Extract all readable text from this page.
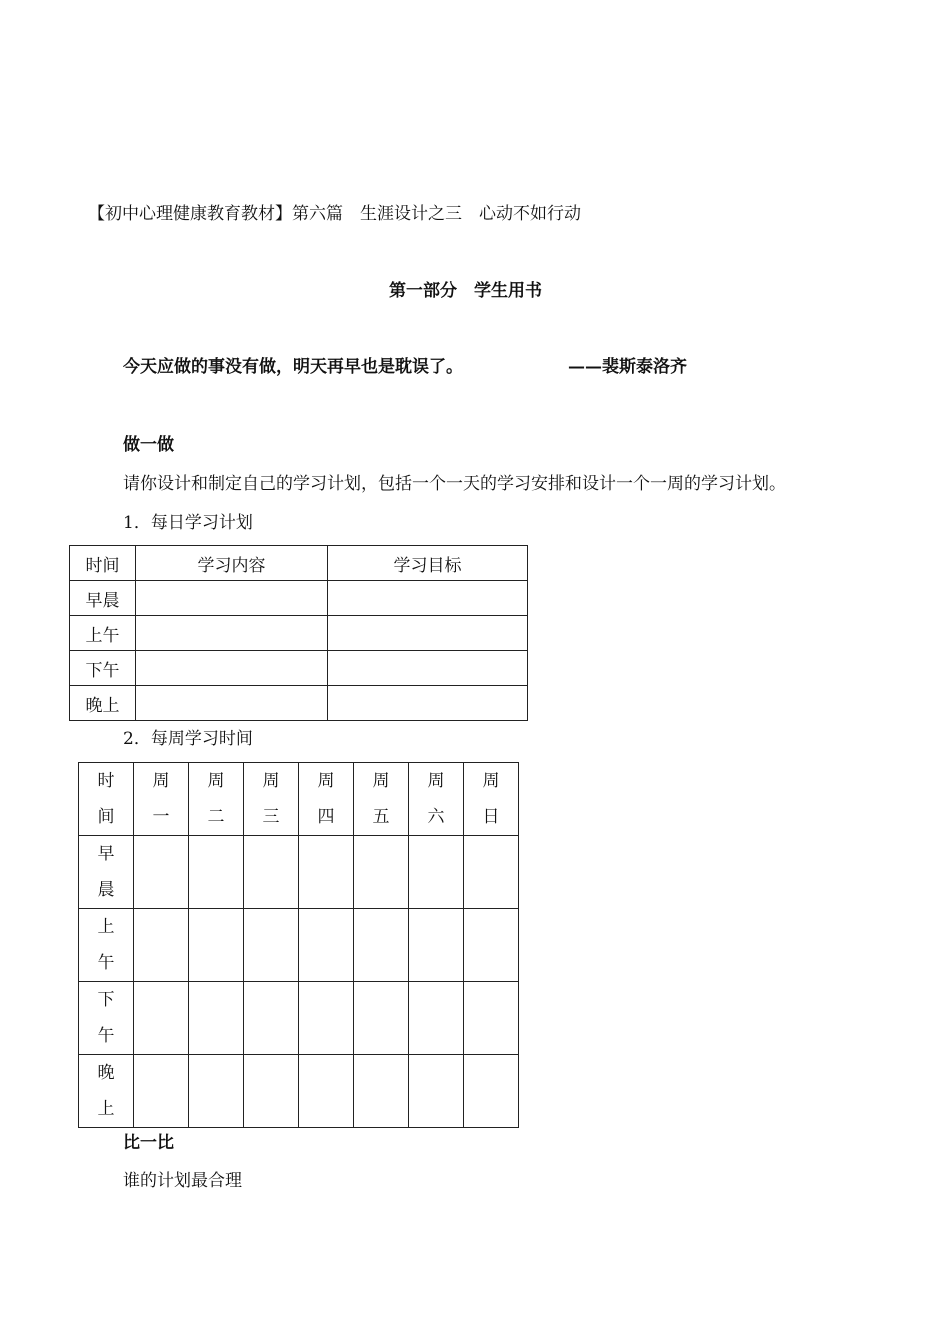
【初中心理健康教育教材】第六篇　生涯设计之三　心动不如行动
第一部分　学生用书
今天应做的事没有做，明天再早也是耽误了。	——裴斯泰洛齐
做一做
请你设计和制定自己的学习计划，包括一个一天的学习安排和设计一个一周的学习计划。
1．每日学习计划
时间	学习内容	学习目标
早晨		
上午		
下午		
晚上		
2．每周学习时间
时间	周一	周二	周三	周四	周五	周六	周日
早晨							
上午							
下午							
晚上							
比一比
谁的计划最合理
